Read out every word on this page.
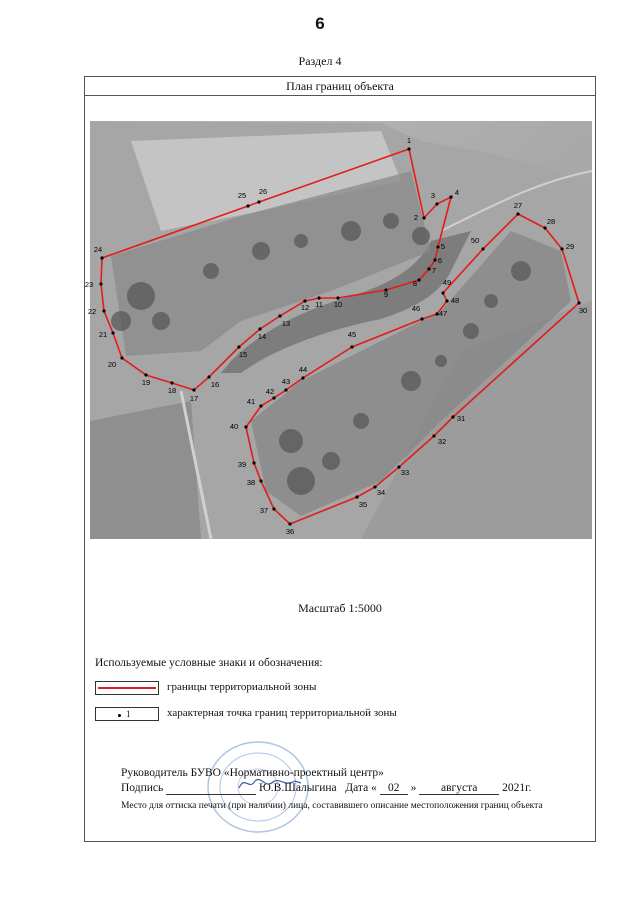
6
Раздел 4
План границ объекта
1
2
3	4
5
6
7
8
9
10
11
12
13
14
15
16
17
18
19
20
21
22
23
24
25 26
27
28
29
30
31
32
33
34
35
36
37
38
39
40
41
42
43
44
45
46
47
48
49
50
Масштаб 1:5000
Используемые условные знаки и обозначения:
границы территориальной зоны
1	характерная точка границ территориальной зоны
Руководитель БУВО «Нормативно-проектный центр»
Подпись	Ю.В.Шалыгина Дата « 02 » августа 2021г.
Место для оттиска печати (при наличии) лица, составившего описание местоположения границ объекта
